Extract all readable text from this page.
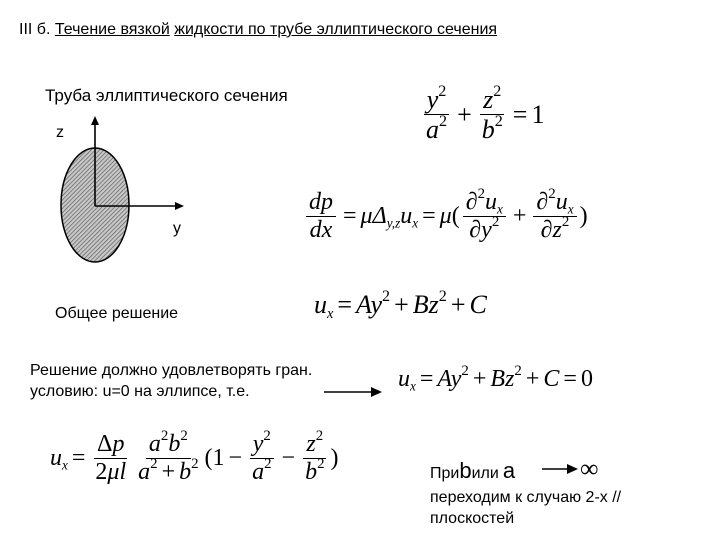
III б. Течение вязкой жидкости по трубе эллиптического сечения
Труба эллиптического сечения
z
y
$\frac{y^2}{a^2} + \frac{z^2}{b^2} = 1$
$\frac{dp}{dx} = \mu\Delta_{y,z}u_x = \mu( \frac{\partial^2u_x}{\partial y^2} + \frac{\partial^2u_x}{\partial z^2}$ )
Общее решение	$u_x = Ay^2 + Bz^2 + C$
Решение должно удовлетворять гран.
условию: u=0 на эллипсе, т.е.	$u_x = Ay^2 + Bz^2 + C = 0$
$u_x = \frac{\Delta p}{2\mu l} \frac{a^2b^2}{a^2 + b^2} (1 - \frac{y^2}{a^2} - \frac{z^2}{b^2}$ )
При b или a ∞
переходим к случаю 2-х //
плоскостей
